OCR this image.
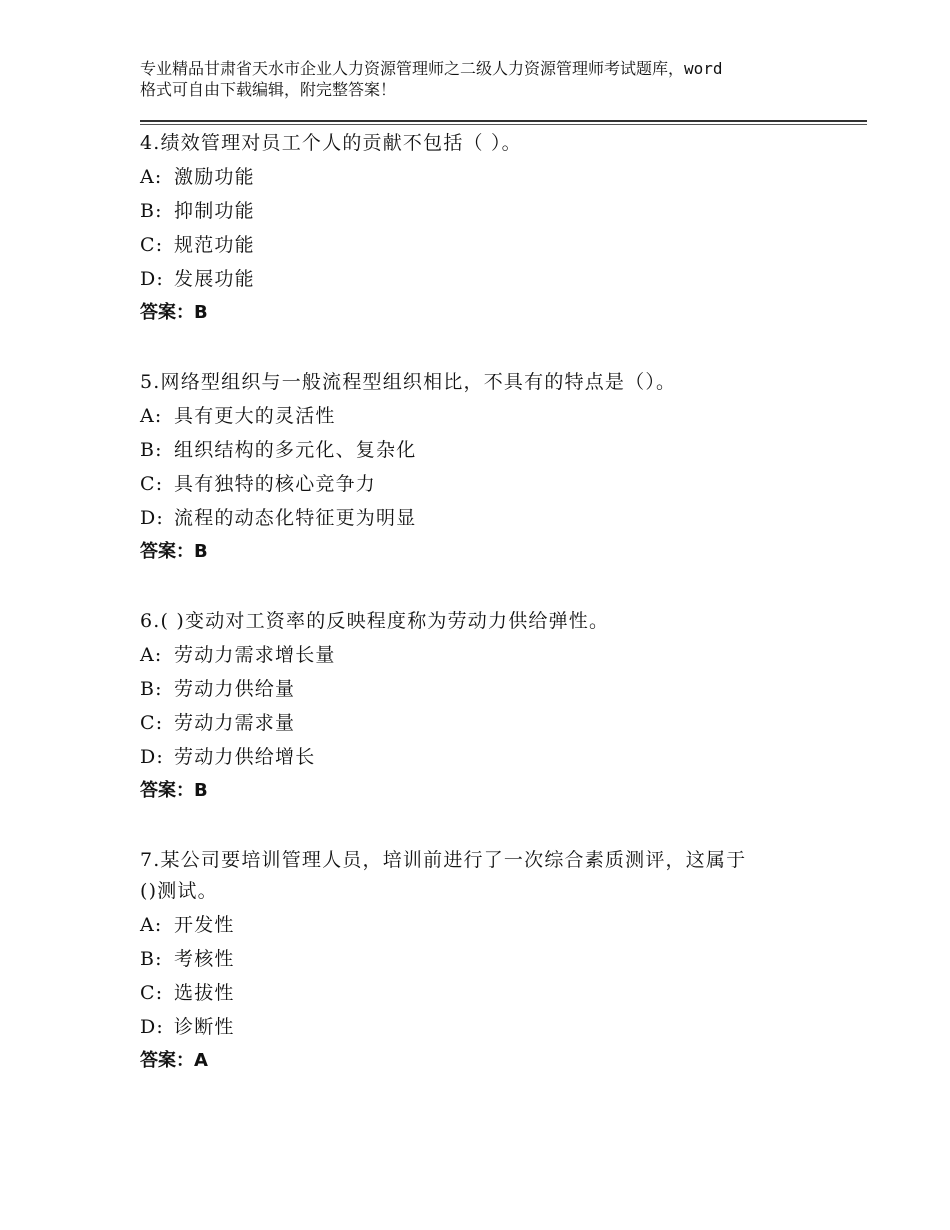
专业精品甘肃省天水市企业人力资源管理师之二级人力资源管理师考试题库，word
格式可自由下载编辑，附完整答案！
4.绩效管理对员工个人的贡献不包括（ ）。
A: 激励功能
B: 抑制功能
C: 规范功能
D: 发展功能
答案：B
5.网络型组织与一般流程型组织相比，不具有的特点是（）。
A: 具有更大的灵活性
B: 组织结构的多元化、复杂化
C: 具有独特的核心竞争力
D: 流程的动态化特征更为明显
答案：B
6.( )变动对工资率的反映程度称为劳动力供给弹性。
A: 劳动力需求增长量
B: 劳动力供给量
C: 劳动力需求量
D: 劳动力供给增长
答案：B
7.某公司要培训管理人员，培训前进行了一次综合素质测评，这属于
()测试。
A: 开发性
B: 考核性
C: 选拔性
D: 诊断性
答案：A
